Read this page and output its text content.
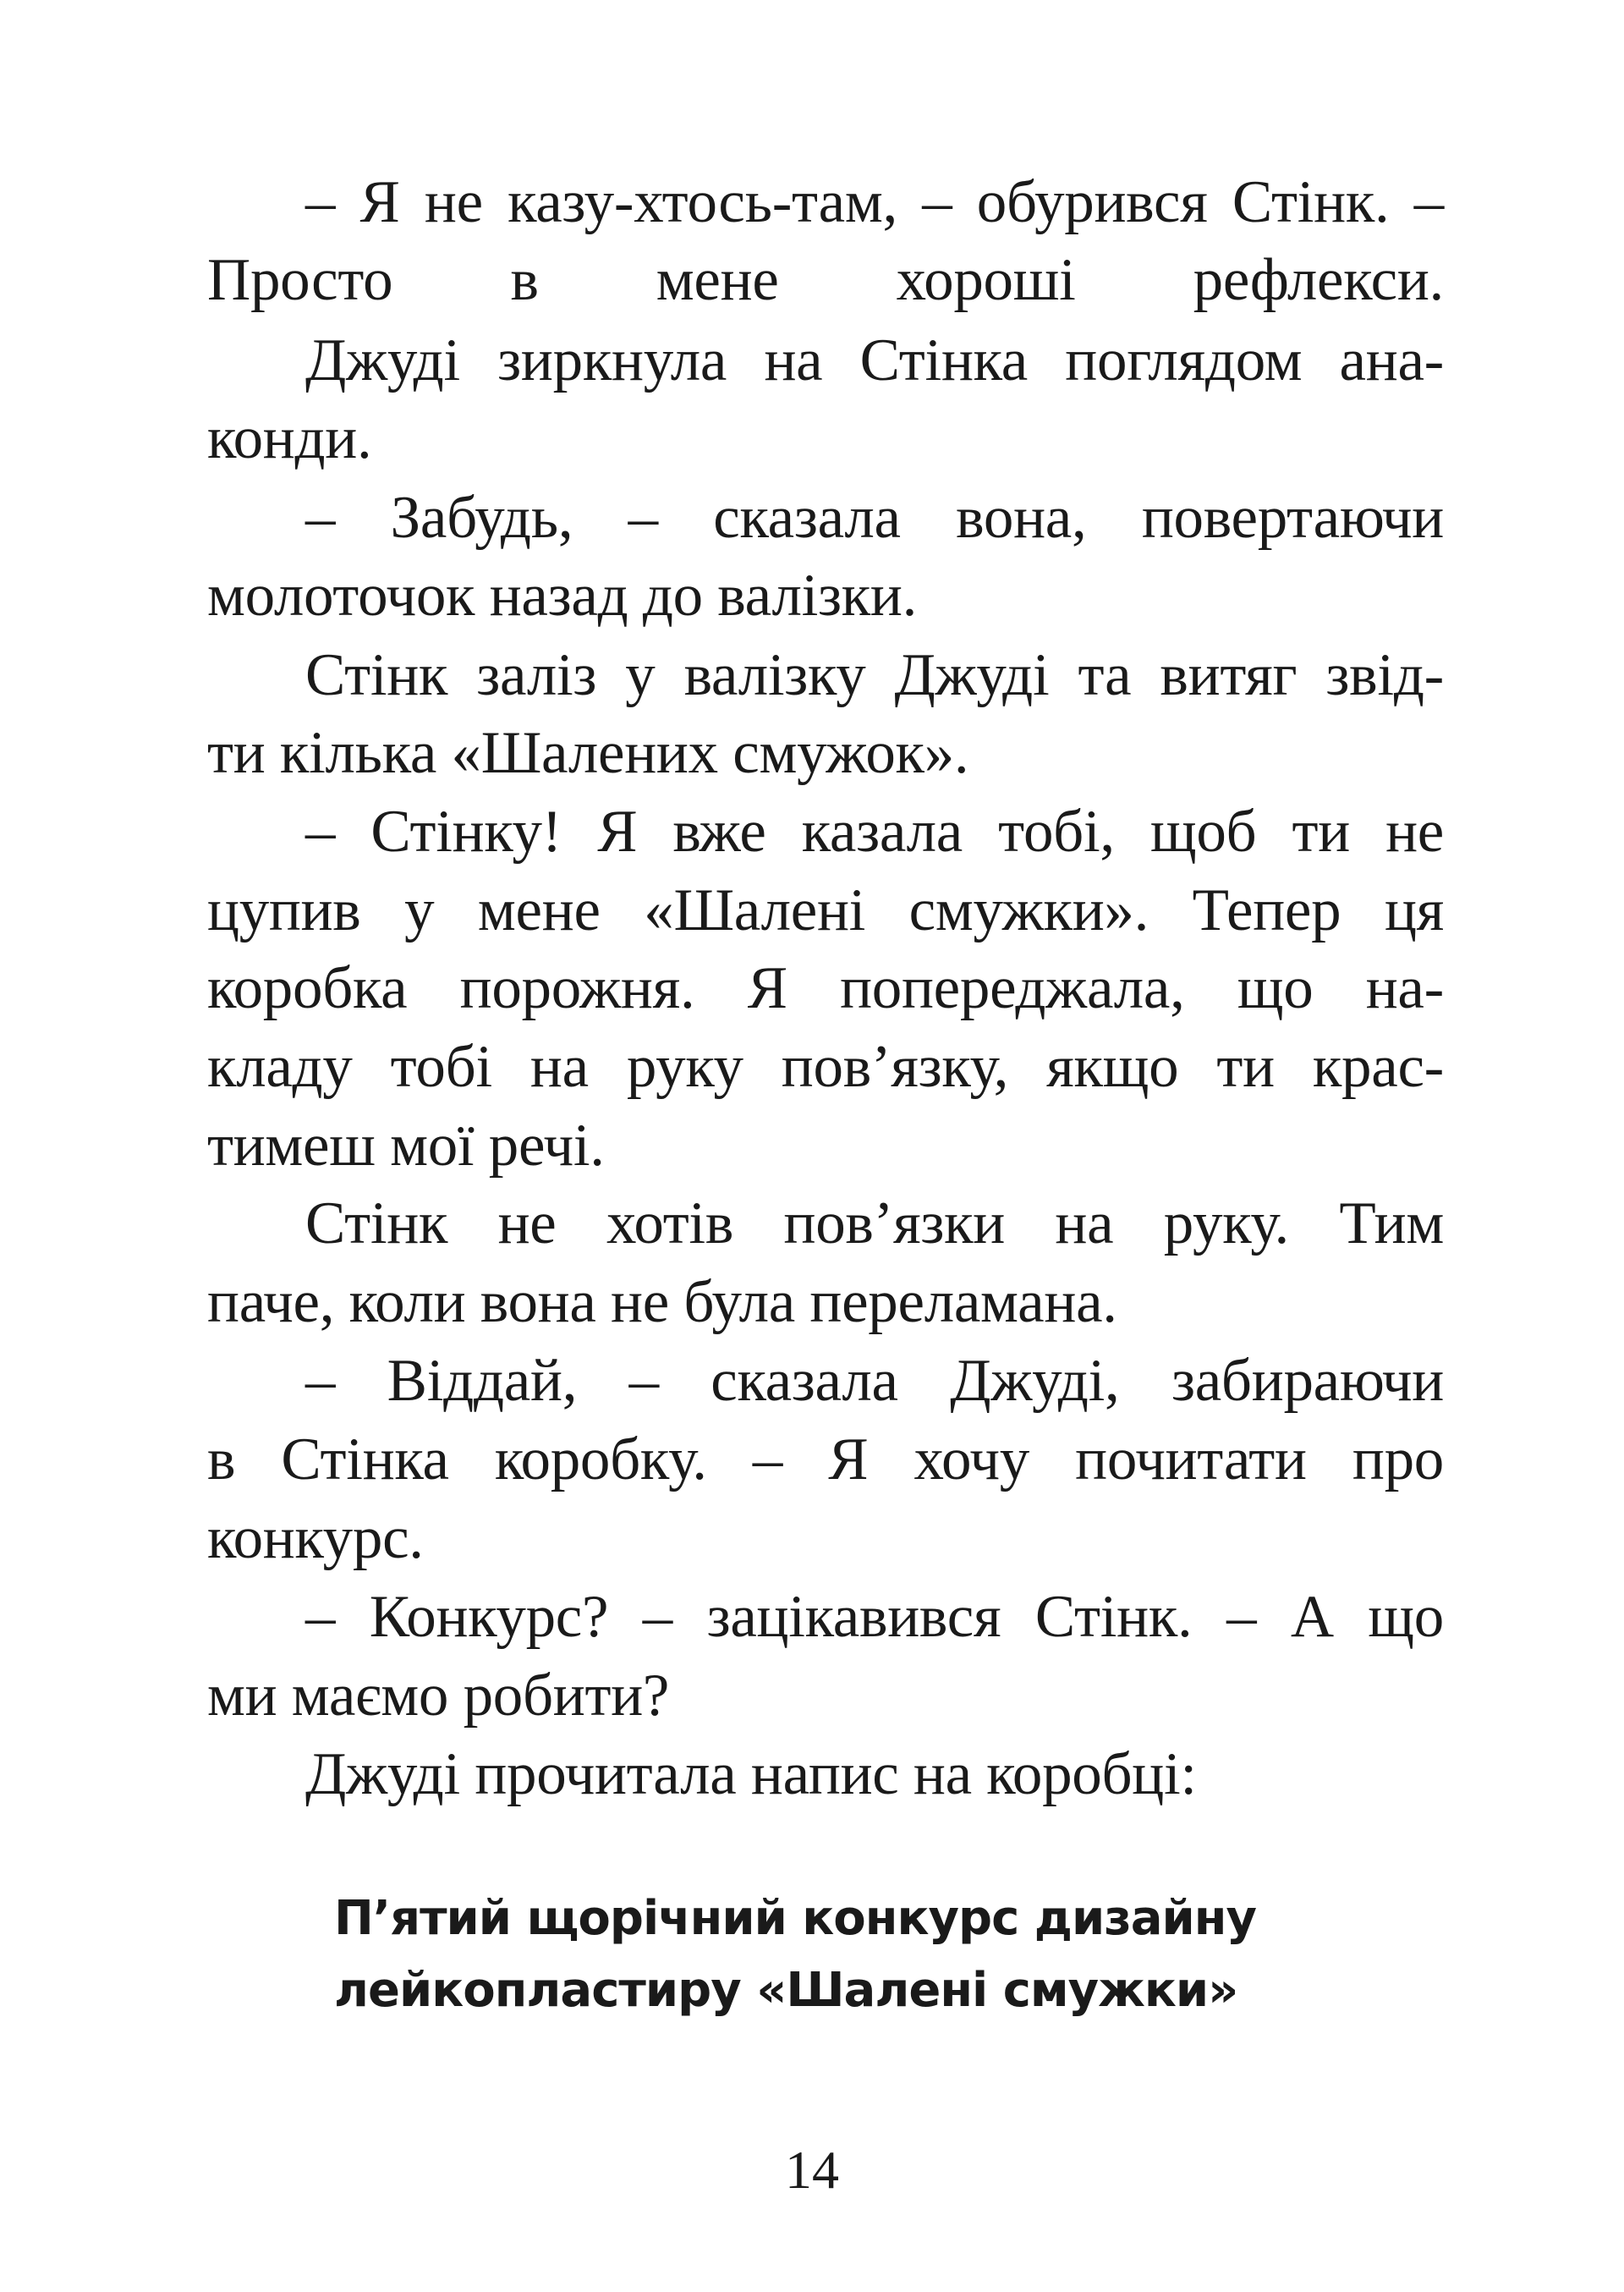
– Я не казу-хтось-там, – обурився Стінк. –
Просто в мене хороші рефлекси.
Джуді зиркнула на Стінка поглядом ана-
конди.
– Забудь, – сказала вона, повертаючи
молоточок назад до валізки.
Стінк заліз у валізку Джуді та витяг звід-
ти кілька «Шалених смужок».
– Стінку! Я вже казала тобі, щоб ти не
цупив у мене «Шалені смужки». Тепер ця
коробка порожня. Я попереджала, що на-
кладу тобі на руку пов’язку, якщо ти крас-
тимеш мої речі.
Стінк не хотів пов’язки на руку. Тим
паче, коли вона не була переламана.
– Віддай, – сказала Джуді, забираючи
в Стінка коробку. – Я хочу почитати про
конкурс.
– Конкурс? – зацікавився Стінк. – А що
ми маємо робити?
Джуді прочитала напис на коробці:
П’ятий щорічний конкурс дизайну
лейкопластиру «Шалені смужки»
14
